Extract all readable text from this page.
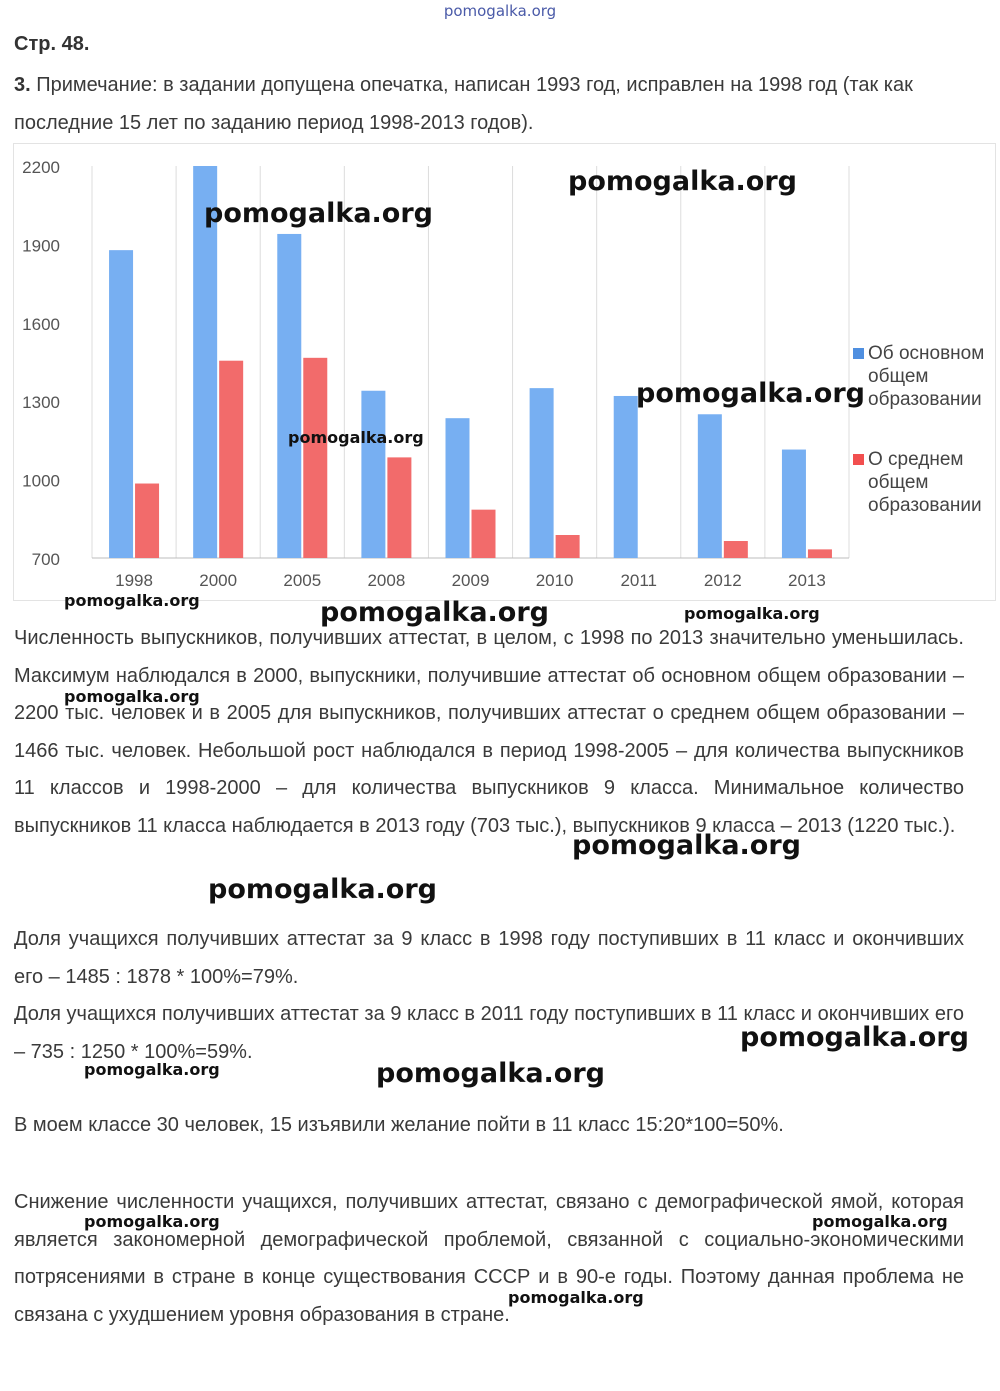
pomogalka.org
Стр. 48.
3. Примечание: в задании допущена опечатка, написан 1993 год, исправлен на 1998 год (так как последние 15 лет по заданию период 1998-2013 годов).
700
1000
1300
1600
1900
2200
1998	2000	2005	2008	2009	2010	2011	2012	2013
Об основном
общем
образовании
О среднем
общем
образовании
Численность выпускников, получивших аттестат, в целом, с 1998 по 2013 значительно уменьшилась. Максимум наблюдался в 2000, выпускники, получившие аттестат об основном общем образовании – 2200 тыс. человек и в 2005 для выпускников, получивших аттестат о среднем общем образовании – 1466 тыс. человек. Небольшой рост наблюдался в период 1998-2005 – для количества выпускников 11 классов и 1998-2000 – для количества выпускников 9 класса. Минимальное количество выпускников 11 класса наблюдается в 2013 году (703 тыс.), выпускников 9 класса – 2013 (1220 тыс.).
Доля учащихся получивших аттестат за 9 класс в 1998 году поступивших в 11 класс и окончивших его – 1485 : 1878 * 100%=79%.
Доля учащихся получивших аттестат за 9 класс в 2011 году поступивших в 11 класс и окончивших его – 735 : 1250 * 100%=59%.
В моем классе 30 человек, 15 изъявили желание пойти в 11 класс 15:20*100=50%.
Снижение численности учащихся, получивших аттестат, связано с демографической ямой, которая является закономерной демографической проблемой, связанной с социально-экономическими потрясениями в стране в конце существования СССР и в 90-е годы. Поэтому данная проблема не связана с ухудшением уровня образования в стране.
pomogalka.org
pomogalka.org
pomogalka.org
pomogalka.org
pomogalka.org	pomogalka.org	pomogalka.org
pomogalka.org
pomogalka.org
pomogalka.org
pomogalka.org
pomogalka.org	pomogalka.org
pomogalka.org	pomogalka.org
pomogalka.org
